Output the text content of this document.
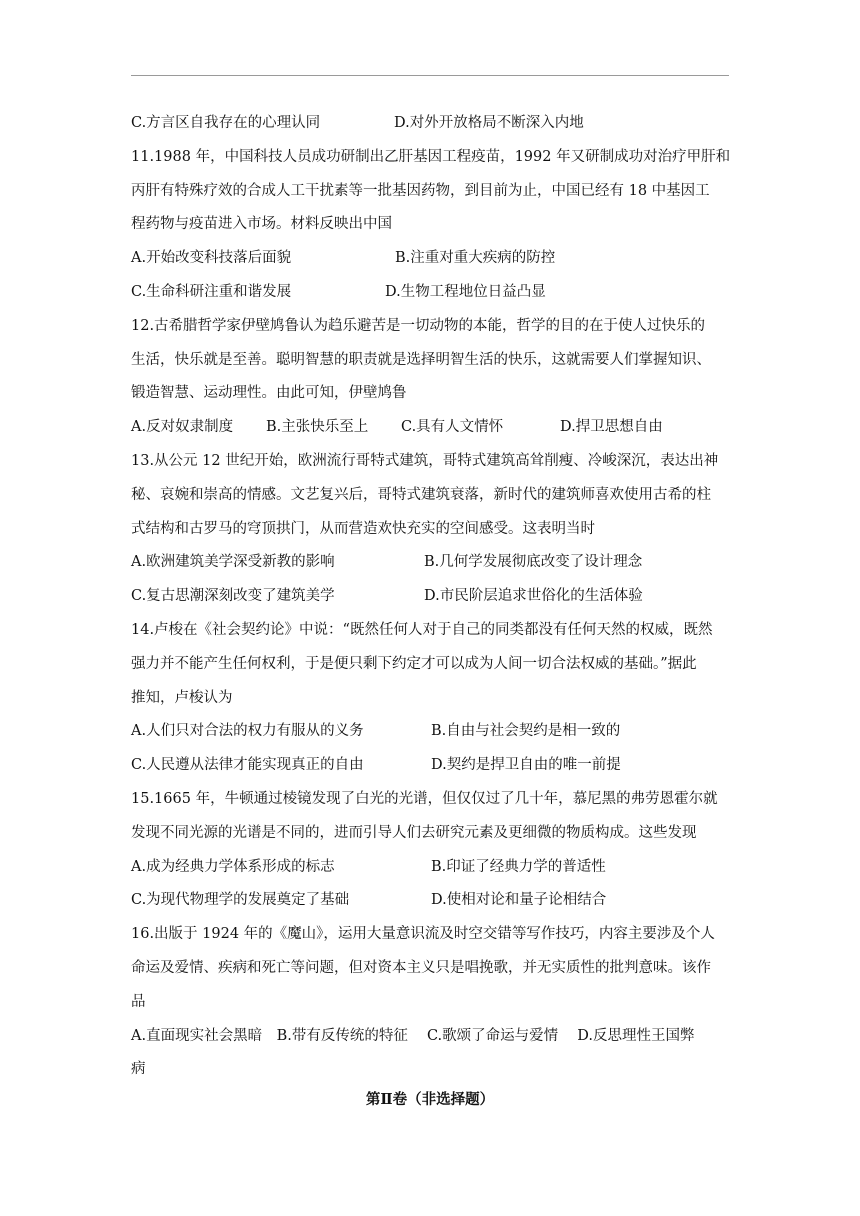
C.方言区自我存在的心理认同	D.对外开放格局不断深入内地
11.1988 年，中国科技人员成功研制出乙肝基因工程疫苗，1992 年又研制成功对治疗甲肝和
丙肝有特殊疗效的合成人工干扰素等一批基因药物，到目前为止，中国已经有 18 中基因工
程药物与疫苗进入市场。材料反映出中国
A.开始改变科技落后面貌	B.注重对重大疾病的防控
C.生命科研注重和谐发展	D.生物工程地位日益凸显
12.古希腊哲学家伊壁鸠鲁认为趋乐避苦是一切动物的本能，哲学的目的在于使人过快乐的
生活，快乐就是至善。聪明智慧的职责就是选择明智生活的快乐，这就需要人们掌握知识、
锻造智慧、运动理性。由此可知，伊壁鸠鲁
A.反对奴隶制度 B.主张快乐至上 C.具有人文情怀	D.捍卫思想自由
13.从公元 12 世纪开始，欧洲流行哥特式建筑，哥特式建筑高耸削瘦、冷峻深沉，表达出神
秘、哀婉和崇高的情感。文艺复兴后，哥特式建筑衰落，新时代的建筑师喜欢使用古希的柱
式结构和古罗马的穹顶拱门，从而营造欢快充实的空间感受。这表明当时
A.欧洲建筑美学深受新教的影响	B.几何学发展彻底改变了设计理念
C.复古思潮深刻改变了建筑美学	D.市民阶层追求世俗化的生活体验
14.卢梭在《社会契约论》中说：“既然任何人对于自己的同类都没有任何天然的权威，既然
强力并不能产生任何权利，于是便只剩下约定才可以成为人间一切合法权威的基础。”据此
推知，卢梭认为
A.人们只对合法的权力有服从的义务	B.自由与社会契约是相一致的
C.人民遵从法律才能实现真正的自由	D.契约是捍卫自由的唯一前提
15.1665 年，牛顿通过棱镜发现了白光的光谱，但仅仅过了几十年，慕尼黑的弗劳恩霍尔就
发现不同光源的光谱是不同的，进而引导人们去研究元素及更细微的物质构成。这些发现
A.成为经典力学体系形成的标志	B.印证了经典力学的普适性
C.为现代物理学的发展奠定了基础	D.使相对论和量子论相结合
16.出版于 1924 年的《魔山》，运用大量意识流及时空交错等写作技巧，内容主要涉及个人
命运及爱情、疾病和死亡等问题，但对资本主义只是唱挽歌，并无实质性的批判意味。该作
品
A.直面现实社会黑暗　B.带有反传统的特征　 C.歌颂了命运与爱情　 D.反思理性王国弊
病
第Ⅱ卷（非选择题）
